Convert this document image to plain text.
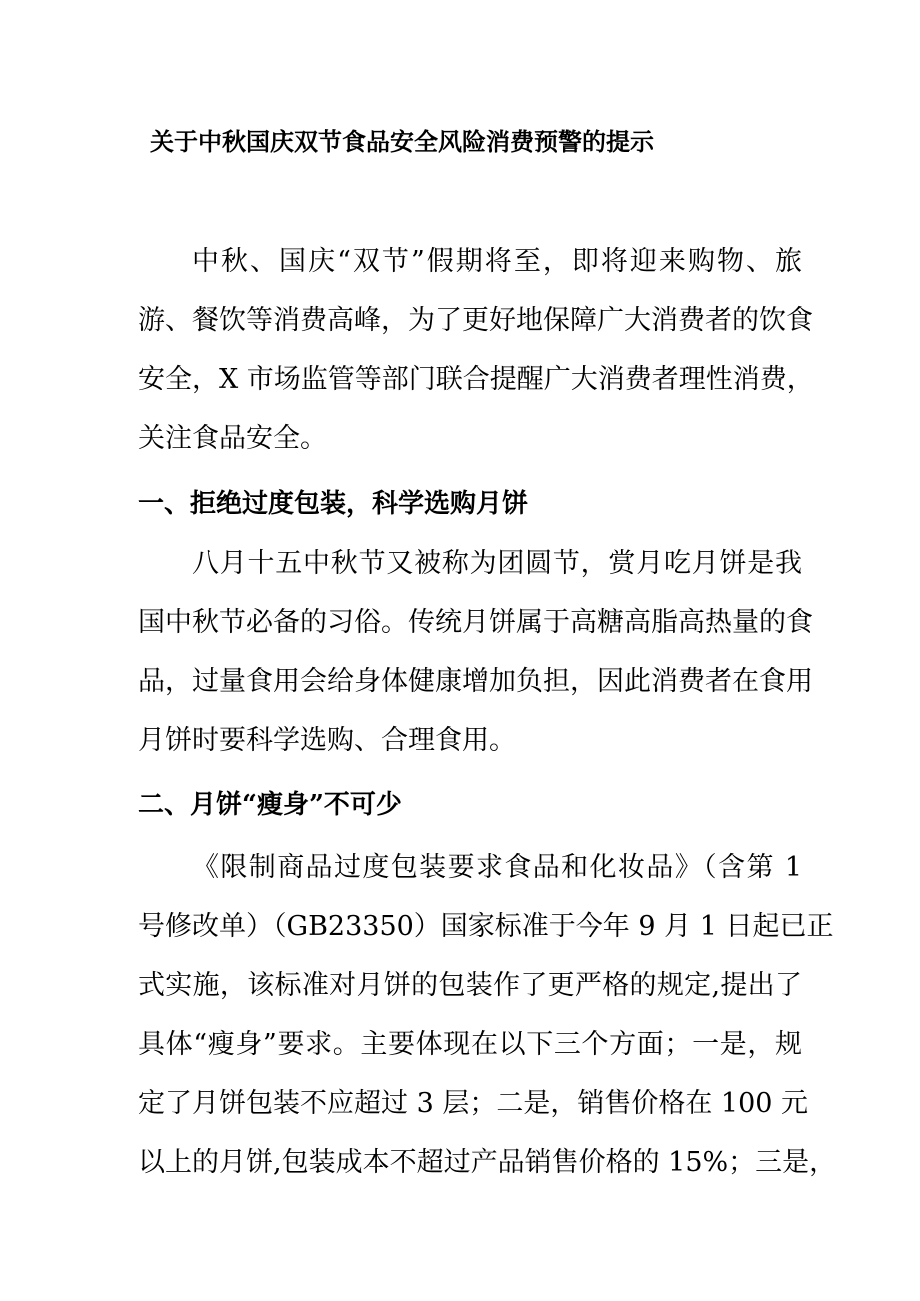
关于中秋国庆双节食品安全风险消费预警的提示

中秋、国庆“双节”假期将至，即将迎来购物、旅

游、餐饮等消费高峰，为了更好地保障广大消费者的饮食

安全，X 市场监管等部门联合提醒广大消费者理性消费，

关注食品安全。

一、拒绝过度包装，科学选购月饼

八月十五中秋节又被称为团圆节，赏月吃月饼是我

国中秋节必备的习俗。传统月饼属于高糖高脂高热量的食

品，过量食用会给身体健康增加负担，因此消费者在食用

月饼时要科学选购、合理食用。

二、月饼“瘦身”不可少

《限制商品过度包装要求食品和化妆品》（含第 1

号修改单）（GB23350）国家标准于今年 9 月 1 日起已正

式实施，该标准对月饼的包装作了更严格的规定,提出了

具体“瘦身”要求。主要体现在以下三个方面；一是，规

定了月饼包装不应超过 3 层；二是，销售价格在 100 元

以上的月饼,包装成本不超过产品销售价格的 15%；三是，
